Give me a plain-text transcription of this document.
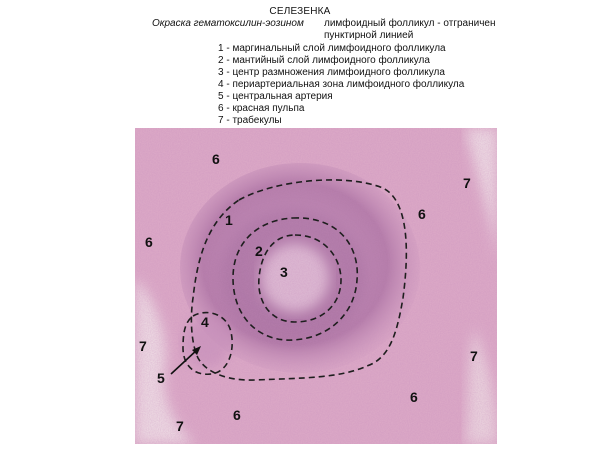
СЕЛЕЗЕНКА
Окраска гематоксилин-эозином лимфоидный фолликул - отграничен пунктирной линией
1 - маргинальный слой лимфоидного фолликула
2 - мантийный слой лимфоидного фолликула
3 - центр размножения лимфоидного фолликула
4 - периартериальная зона лимфоидного фолликула
5 - центральная артерия
6 - красная пульпа
7 - трабекулы
6
7
1	6
6
2
3
4
7
7
5
6
6
7
